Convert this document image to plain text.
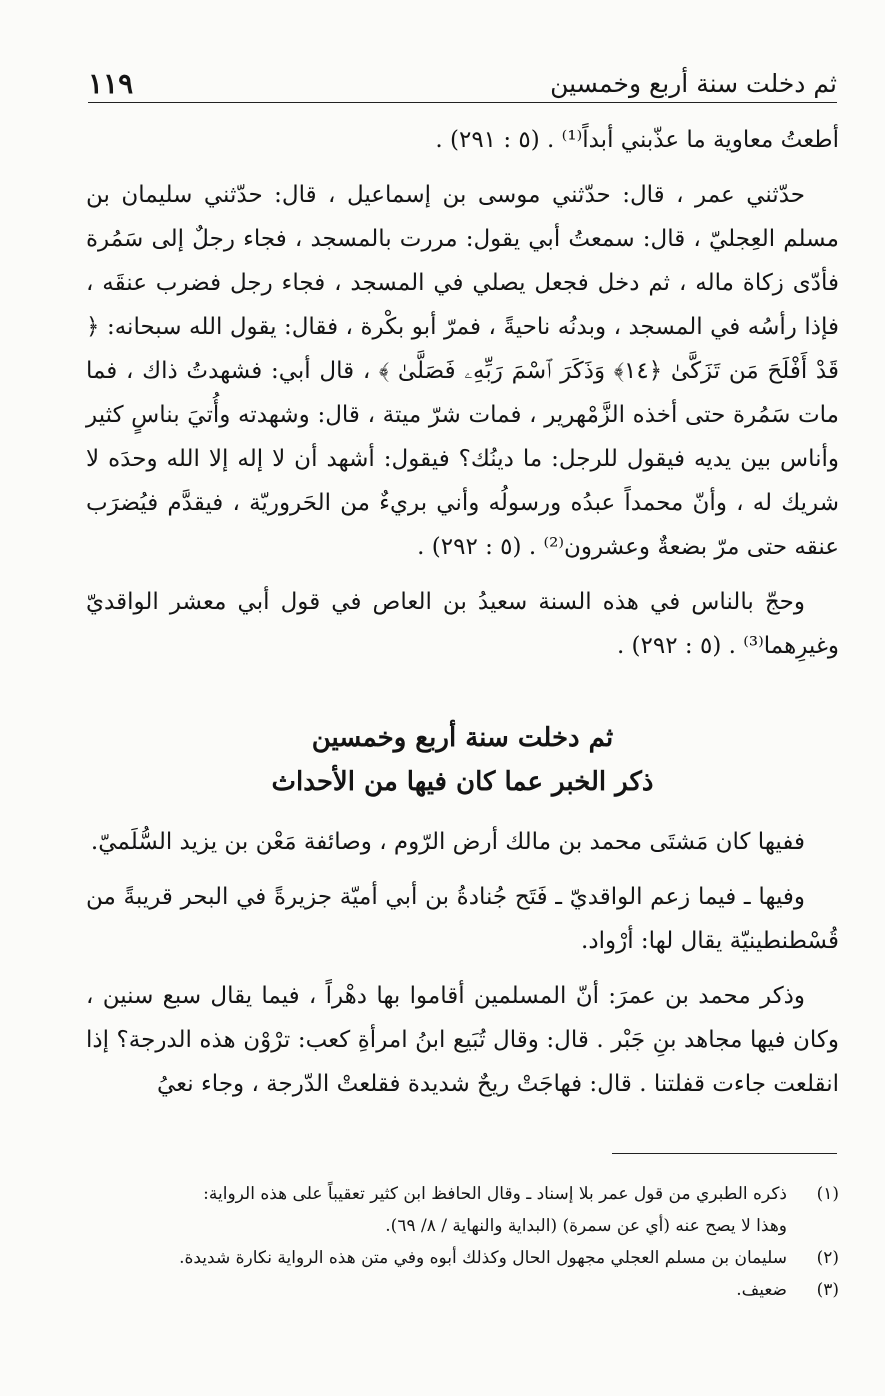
١١٩	ثم دخلت سنة أربع وخمسين

أطعتُ معاوية ما عذّبني أبداً⁽¹⁾ . (٥ : ٢٩١) .

حدّثني عمر ، قال: حدّثني موسى بن إسماعيل ، قال: حدّثني سليمان بن مسلم العِجليّ ، قال: سمعتُ أبي يقول: مررت بالمسجد ، فجاء رجلٌ إلى سَمُرة فأدّى زكاة ماله ، ثم دخل فجعل يصلي في المسجد ، فجاء رجل فضرب عنقَه ، فإذا رأسُه في المسجد ، وبدنُه ناحيةً ، فمرّ أبو بكْرة ، فقال: يقول الله سبحانه: ﴿ قَدْ أَفْلَحَ مَن تَزَكَّىٰ ﴿١٤﴾ وَذَكَرَ ٱسْمَ رَبِّهِۦ فَصَلَّىٰ ﴾ ، قال أبي: فشهدتُ ذاك ، فما مات سَمُرة حتى أخذه الزَّمْهرير ، فمات شرّ ميتة ، قال: وشهدته وأُتيَ بناسٍ كثير وأناس بين يديه فيقول للرجل: ما دينُك؟ فيقول: أشهد أن لا إله إلا الله وحدَه لا شريك له ، وأنّ محمداً عبدُه ورسولُه وأني بريءٌ من الحَروريّة ، فيقدَّم فيُضرَب عنقه حتى مرّ بضعةٌ وعشرون⁽²⁾ . (٥ : ٢٩٢) .

وحجّ بالناس في هذه السنة سعيدُ بن العاص في قول أبي معشر الواقديّ وغيرِهما⁽³⁾ . (٥ : ٢٩٢) .

ثم دخلت سنة أربع وخمسين
ذكر الخبر عما كان فيها من الأحداث

ففيها كان مَشتَى محمد بن مالك أرض الرّوم ، وصائفة مَعْن بن يزيد السُّلَميّ.

وفيها ـ فيما زعم الواقديّ ـ فَتَح جُنادةُ بن أبي أميّة جزيرةً في البحر قريبةً من قُسْطنطينيّة يقال لها: أرْواد.

وذكر محمد بن عمرَ: أنّ المسلمين أقاموا بها دهْراً ، فيما يقال سبع سنين ، وكان فيها مجاهد بنِ جَبْر . قال: وقال تُبَيع ابنُ امرأةِ كعب: ترْوْن هذه الدرجة؟ إذا انقلعت جاءت قفلتنا . قال: فهاجَتْ ريحٌ شديدة فقلعتْ الدّرجة ، وجاء نعيُ

(١)
ذكره الطبري من قول عمر بلا إسناد ـ وقال الحافظ ابن كثير تعقيباً على هذه الرواية:
وهذا لا يصح عنه (أي عن سمرة) (البداية والنهاية / ٨/ ٦٩).
(٢)
سليمان بن مسلم العجلي مجهول الحال وكذلك أبوه وفي متن هذه الرواية نكارة شديدة.
(٣)
ضعيف.
